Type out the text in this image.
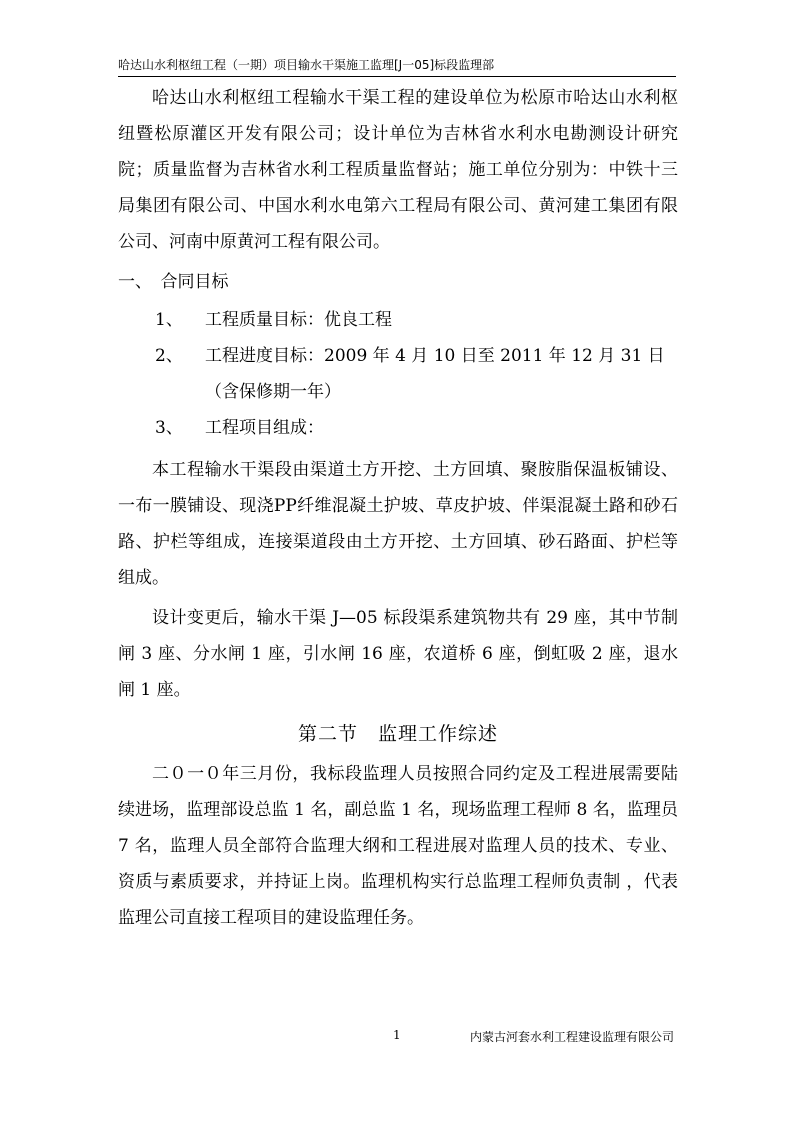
哈达山水利枢纽工程（一期）项目输水干渠施工监理[J一05]标段监理部

哈达山水利枢纽工程输水干渠工程的建设单位为松原市哈达山水利枢纽暨松原灌区开发有限公司；设计单位为吉林省水利水电勘测设计研究院；质量监督为吉林省水利工程质量监督站；施工单位分别为：中铁十三局集团有限公司、中国水利水电第六工程局有限公司、黄河建工集团有限公司、河南中原黄河工程有限公司。

一、　合同目标

1、 工程质量目标：优良工程

2、 工程进度目标：2009 年 4 月 10 日至 2011 年 12 月 31 日

（含保修期一年）

3、 工程项目组成：

本工程输水干渠段由渠道土方开挖、土方回填、聚胺脂保温板铺设、一布一膜铺设、现浇PP纤维混凝土护坡、草皮护坡、伴渠混凝土路和砂石路、护栏等组成，连接渠道段由土方开挖、土方回填、砂石路面、护栏等组成。

设计变更后，输水干渠 J—05 标段渠系建筑物共有 29 座，其中节制闸 3 座、分水闸 1 座，引水闸 16 座，农道桥 6 座，倒虹吸 2 座，退水闸 1 座。

第二节　监理工作综述

二０一０年三月份，我标段监理人员按照合同约定及工程进展需要陆续进场，监理部设总监 1 名，副总监 1 名，现场监理工程师 8 名，监理员 7 名，监理人员全部符合监理大纲和工程进展对监理人员的技术、专业、资质与素质要求，并持证上岗。监理机构实行总监理工程师负责制 ，代表监理公司直接工程项目的建设监理任务。

1	内蒙古河套水利工程建设监理有限公司
